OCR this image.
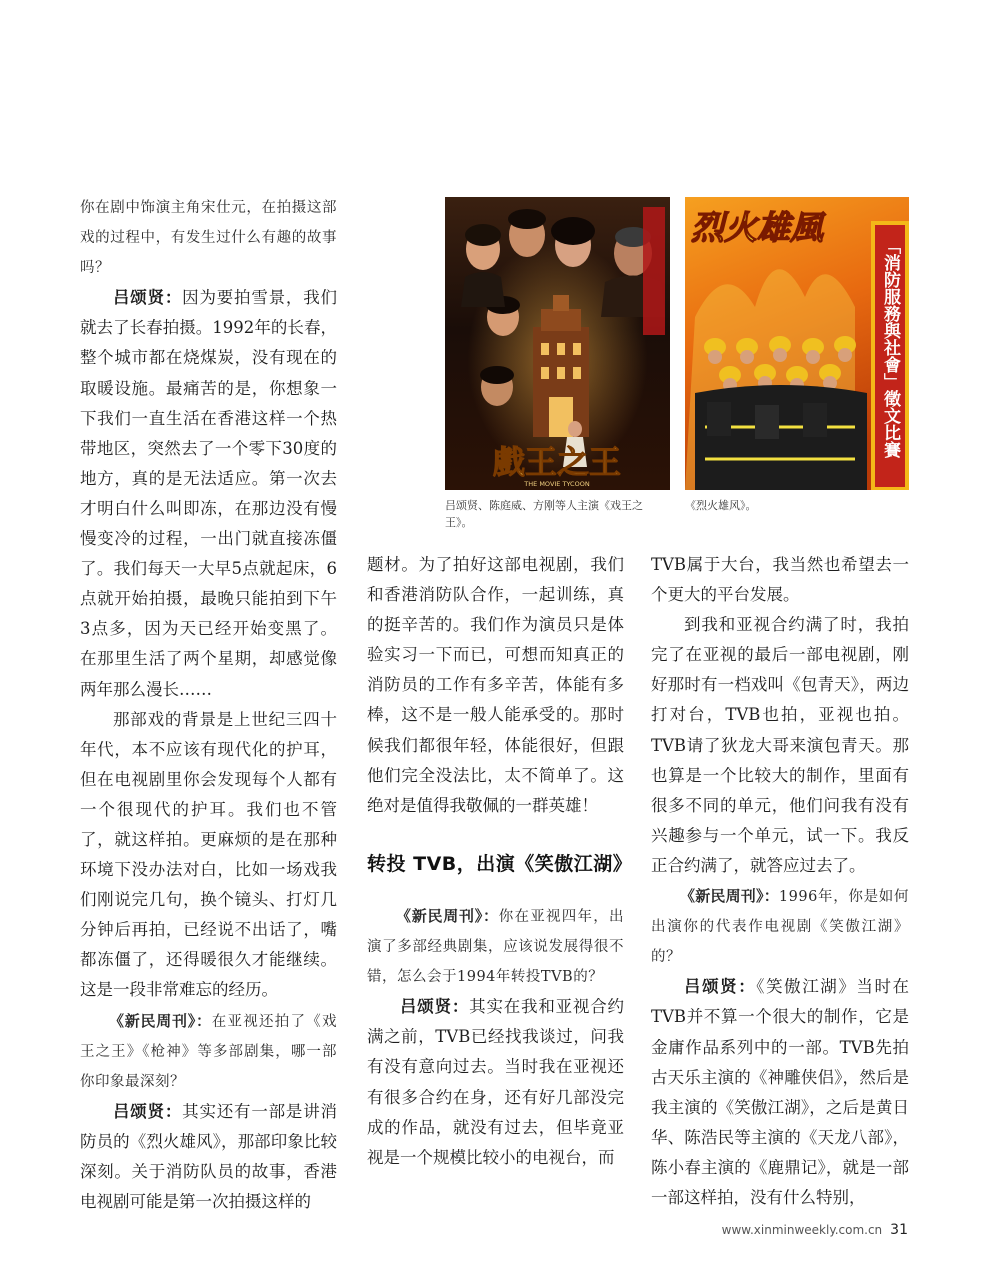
你在剧中饰演主角宋仕元，在拍摄这部戏的过程中，有发生过什么有趣的故事吗？

吕颂贤：因为要拍雪景，我们就去了长春拍摄。1992年的长春，整个城市都在烧煤炭，没有现在的取暖设施。最痛苦的是，你想象一下我们一直生活在香港这样一个热带地区，突然去了一个零下30度的地方，真的是无法适应。第一次去才明白什么叫即冻，在那边没有慢慢变冷的过程，一出门就直接冻僵了。我们每天一大早5点就起床，6点就开始拍摄，最晚只能拍到下午3点多，因为天已经开始变黑了。在那里生活了两个星期，却感觉像两年那么漫长……

那部戏的背景是上世纪三四十年代，本不应该有现代化的护耳，但在电视剧里你会发现每个人都有一个很现代的护耳。我们也不管了，就这样拍。更麻烦的是在那种环境下没办法对白，比如一场戏我们刚说完几句，换个镜头、打灯几分钟后再拍，已经说不出话了，嘴都冻僵了，还得暖很久才能继续。这是一段非常难忘的经历。

《新民周刊》：在亚视还拍了《戏王之王》《枪神》等多部剧集，哪一部你印象最深刻？

吕颂贤：其实还有一部是讲消防员的《烈火雄风》，那部印象比较深刻。关于消防队员的故事，香港电视剧可能是第一次拍摄这样的

题材。为了拍好这部电视剧，我们和香港消防队合作，一起训练，真的挺辛苦的。我们作为演员只是体验实习一下而已，可想而知真正的消防员的工作有多辛苦，体能有多棒，这不是一般人能承受的。那时候我们都很年轻，体能很好，但跟他们完全没法比，太不简单了。这绝对是值得我敬佩的一群英雄！

转投 TVB，出演《笑傲江湖》

《新民周刊》：你在亚视四年，出演了多部经典剧集，应该说发展得很不错，怎么会于1994年转投TVB的？

吕颂贤：其实在我和亚视合约满之前，TVB已经找我谈过，问我有没有意向过去。当时我在亚视还有很多合约在身，还有好几部没完成的作品，就没有过去，但毕竟亚视是一个规模比较小的电视台，而

TVB属于大台，我当然也希望去一个更大的平台发展。

到我和亚视合约满了时，我拍完了在亚视的最后一部电视剧，刚好那时有一档戏叫《包青天》，两边打对台，TVB也拍，亚视也拍。TVB请了狄龙大哥来演包青天。那也算是一个比较大的制作，里面有很多不同的单元，他们问我有没有兴趣参与一个单元，试一下。我反正合约满了，就答应过去了。

《新民周刊》：1996年，你是如何出演你的代表作电视剧《笑傲江湖》的？

吕颂贤：《笑傲江湖》当时在TVB并不算一个很大的制作，它是金庸作品系列中的一部。TVB先拍古天乐主演的《神雕侠侣》，然后是我主演的《笑傲江湖》，之后是黄日华、陈浩民等主演的《天龙八部》，陈小春主演的《鹿鼎记》，就是一部一部这样拍，没有什么特别，

戲王之王
THE MOVIE TYCOON
吕颂贤、陈庭威、方刚等人主演《戏王之王》。
「消防服務與社會」徵文比賽
烈火雄風
《烈火雄风》。
www.xinminweekly.com.cn 31
